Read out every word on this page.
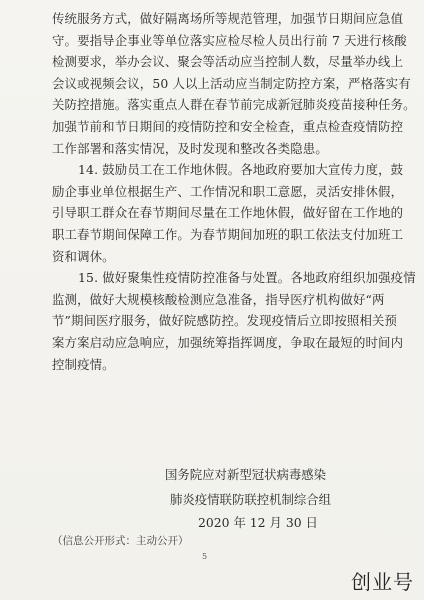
传统服务方式，做好隔离场所等规范管理，加强节日期间应急值
守。要指导企事业等单位落实应检尽检人员出行前 7 天进行核酸
检测要求，举办会议、聚会等活动应当控制人数，尽量举办线上
会议或视频会议，50 人以上活动应当制定防控方案，严格落实有
关防控措施。落实重点人群在春节前完成新冠肺炎疫苗接种任务。
加强节前和节日期间的疫情防控和安全检查，重点检查疫情防控
工作部署和落实情况，及时发现和整改各类隐患。
14. 鼓励员工在工作地休假。各地政府要加大宣传力度，鼓
励企事业单位根据生产、工作情况和职工意愿，灵活安排休假，
引导职工群众在春节期间尽量在工作地休假，做好留在工作地的
职工春节期间保障工作。为春节期间加班的职工依法支付加班工
资和调休。
15. 做好聚集性疫情防控准备与处置。各地政府组织加强疫情
监测，做好大规模核酸检测应急准备，指导医疗机构做好“两
节”期间医疗服务，做好院感防控。发现疫情后立即按照相关预
案方案启动应急响应，加强统筹指挥调度，争取在最短的时间内
控制疫情。
国务院应对新型冠状病毒感染
肺炎疫情联防联控机制综合组
2020 年 12 月 30 日
（信息公开形式：主动公开）
5
创业号
